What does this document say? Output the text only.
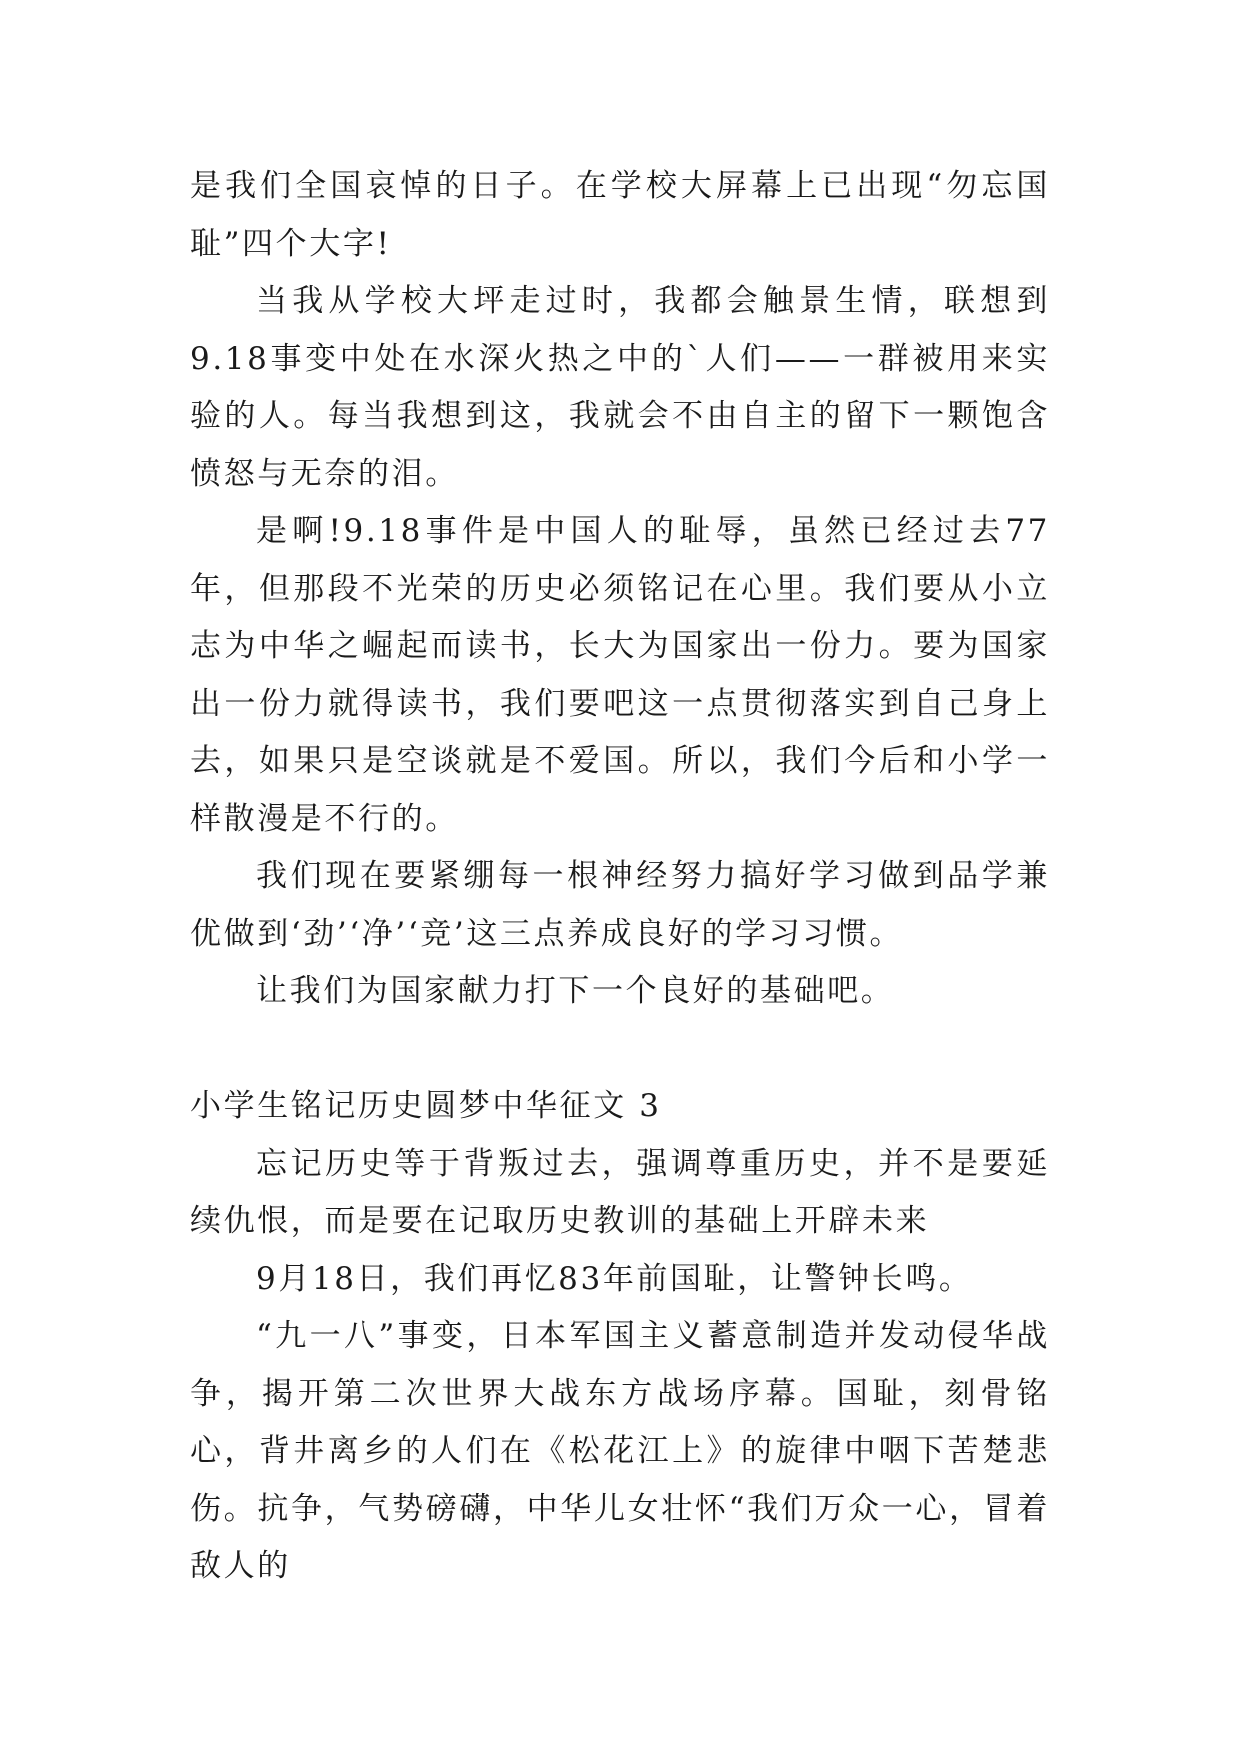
是我们全国哀悼的日子。在学校大屏幕上已出现“勿忘国耻”四个大字!

当我从学校大坪走过时，我都会触景生情，联想到9.18事变中处在水深火热之中的`人们——一群被用来实验的人。每当我想到这，我就会不由自主的留下一颗饱含愤怒与无奈的泪。

是啊!9.18事件是中国人的耻辱，虽然已经过去77年，但那段不光荣的历史必须铭记在心里。我们要从小立志为中华之崛起而读书，长大为国家出一份力。要为国家出一份力就得读书，我们要吧这一点贯彻落实到自己身上去，如果只是空谈就是不爱国。所以，我们今后和小学一样散漫是不行的。

我们现在要紧绷每一根神经努力搞好学习做到品学兼优做到‘劲’‘净’‘竞’这三点养成良好的学习习惯。

让我们为国家献力打下一个良好的基础吧。

小学生铭记历史圆梦中华征文 3

忘记历史等于背叛过去，强调尊重历史，并不是要延续仇恨，而是要在记取历史教训的基础上开辟未来

9月18日，我们再忆83年前国耻，让警钟长鸣。

“九一八”事变，日本军国主义蓄意制造并发动侵华战争，揭开第二次世界大战东方战场序幕。国耻，刻骨铭心，背井离乡的人们在《松花江上》的旋律中咽下苦楚悲伤。抗争，气势磅礴，中华儿女壮怀“我们万众一心，冒着敌人的
